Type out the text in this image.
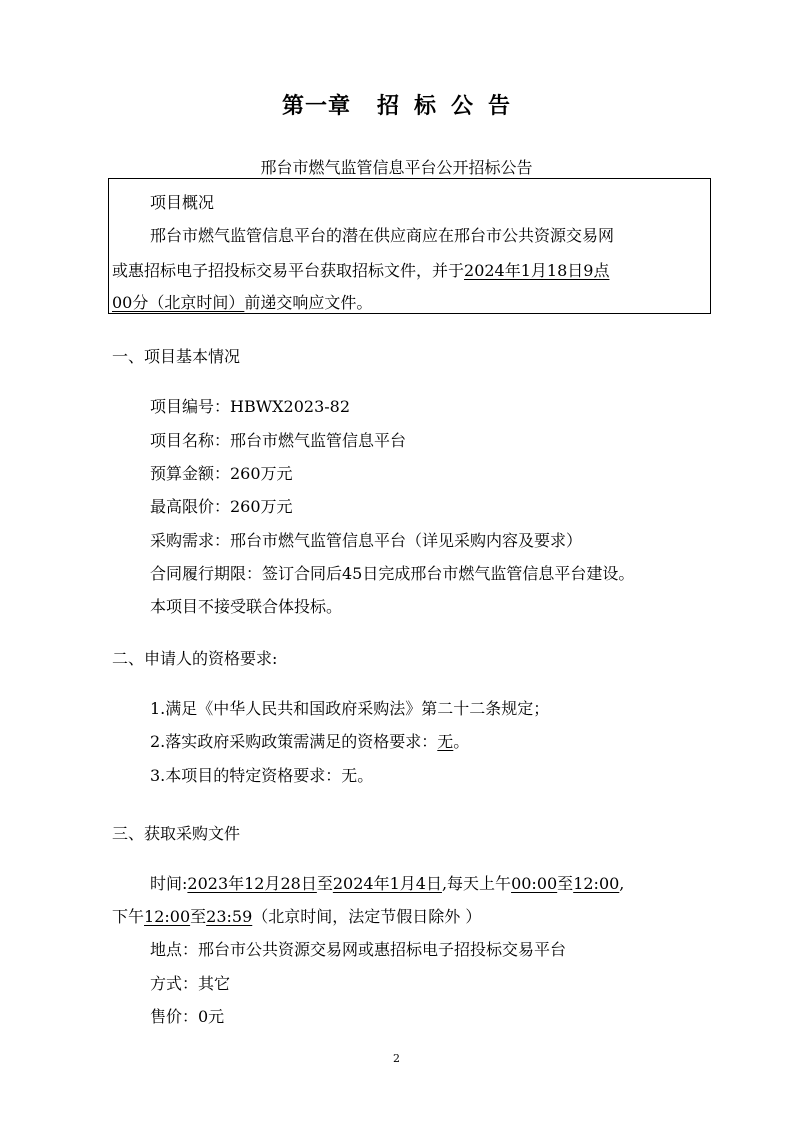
第一章 招 标 公 告
邢台市燃气监管信息平台公开招标公告
项目概况
邢台市燃气监管信息平台的潜在供应商应在邢台市公共资源交易网
或惠招标电子招投标交易平台获取招标文件，并于2024年1月18日9点
00分（北京时间）前递交响应文件。
一、项目基本情况
项目编号：HBWX2023-82
项目名称：邢台市燃气监管信息平台
预算金额：260万元
最高限价：260万元
采购需求：邢台市燃气监管信息平台（详见采购内容及要求）
合同履行期限：签订合同后45日完成邢台市燃气监管信息平台建设。
本项目不接受联合体投标。
二、申请人的资格要求:
1.满足《中华人民共和国政府采购法》第二十二条规定；
2.落实政府采购政策需满足的资格要求：无。
3.本项目的特定资格要求：无。
三、获取采购文件
时间:2023年12月28日至2024年1月4日,每天上午00:00至12:00,
下午12:00至23:59（北京时间，法定节假日除外 ）
地点：邢台市公共资源交易网或惠招标电子招投标交易平台
方式：其它
售价：0元
2
